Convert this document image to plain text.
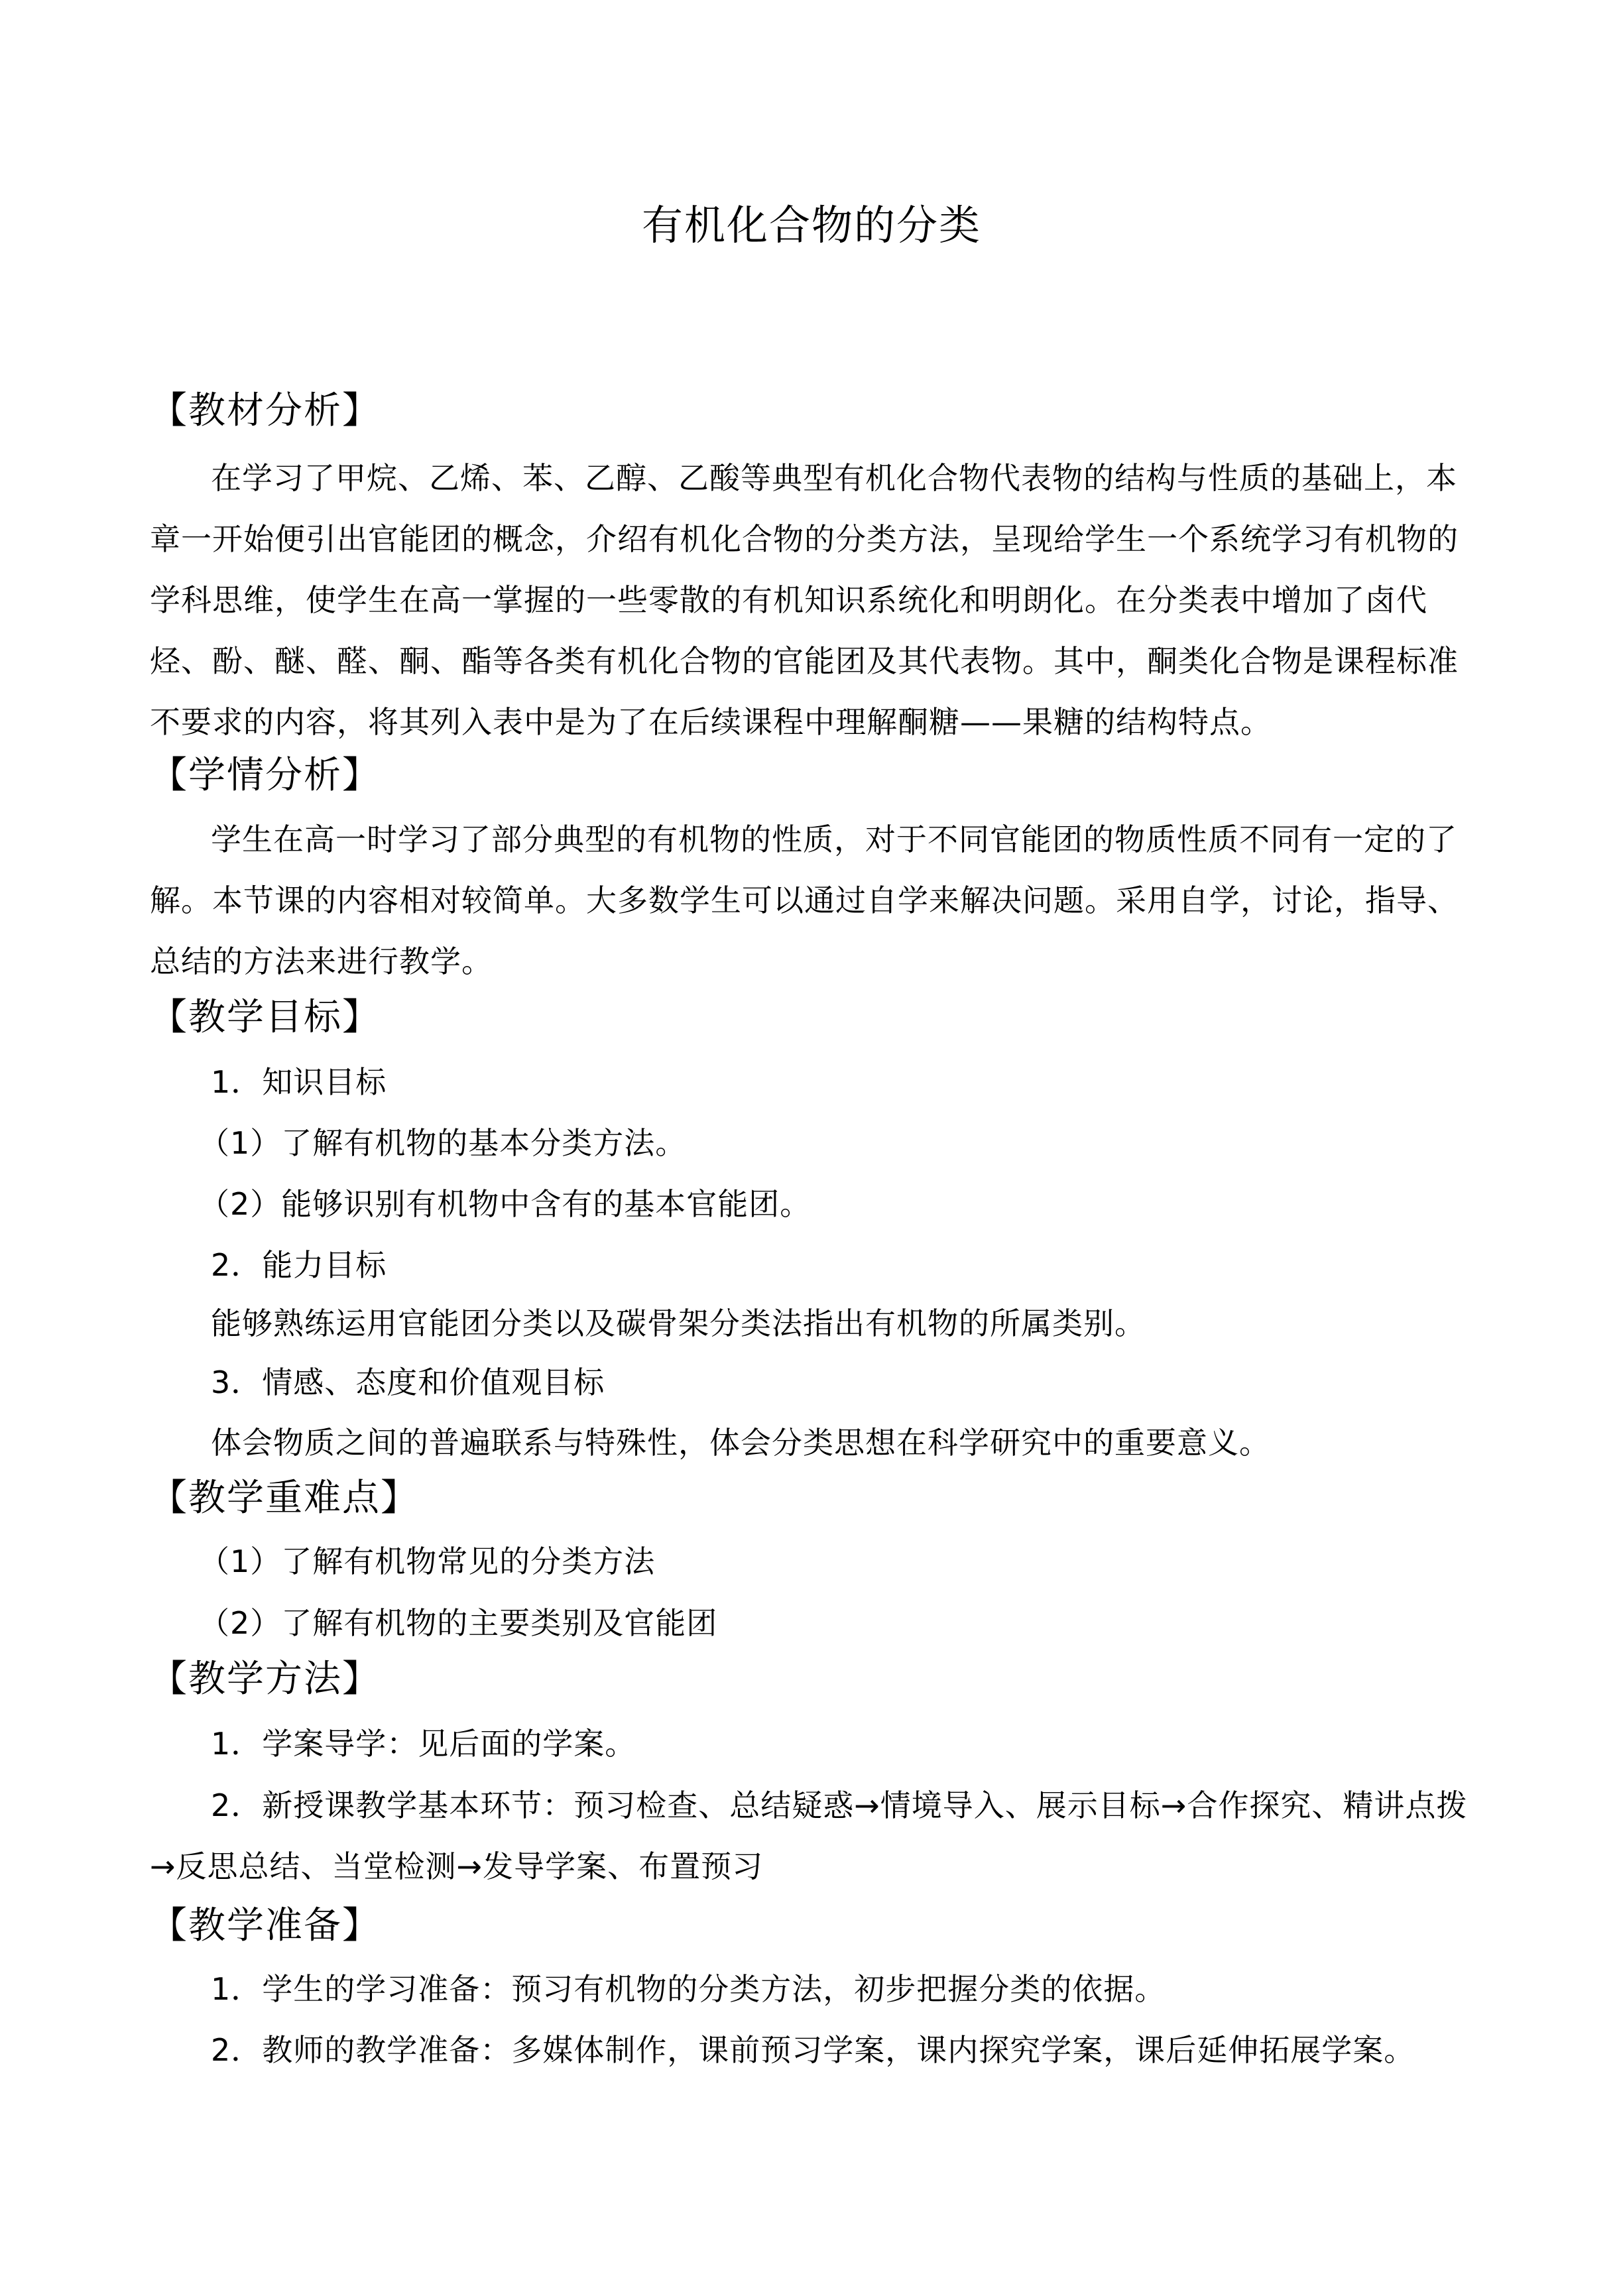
有机化合物的分类
【教材分析】

在学习了甲烷、乙烯、苯、乙醇、乙酸等典型有机化合物代表物的结构与性质的基础上，本章一开始便引出官能团的概念，介绍有机化合物的分类方法，呈现给学生一个系统学习有机物的学科思维，使学生在高一掌握的一些零散的有机知识系统化和明朗化。在分类表中增加了卤代烃、酚、醚、醛、酮、酯等各类有机化合物的官能团及其代表物。其中，酮类化合物是课程标准不要求的内容，将其列入表中是为了在后续课程中理解酮糖——果糖的结构特点。

【学情分析】

学生在高一时学习了部分典型的有机物的性质，对于不同官能团的物质性质不同有一定的了解。本节课的内容相对较简单。大多数学生可以通过自学来解决问题。采用自学，讨论，指导、总结的方法来进行教学。

【教学目标】
1．知识目标
（1）了解有机物的基本分类方法。
（2）能够识别有机物中含有的基本官能团。
2．能力目标
能够熟练运用官能团分类以及碳骨架分类法指出有机物的所属类别。
3．情感、态度和价值观目标
体会物质之间的普遍联系与特殊性，体会分类思想在科学研究中的重要意义。
【教学重难点】
（1）了解有机物常见的分类方法
（2）了解有机物的主要类别及官能团
【教学方法】
1．学案导学：见后面的学案。

2．新授课教学基本环节：预习检查、总结疑惑→情境导入、展示目标→合作探究、精讲点拨→反思总结、当堂检测→发导学案、布置预习

【教学准备】
1．学生的学习准备：预习有机物的分类方法，初步把握分类的依据。
2．教师的教学准备：多媒体制作，课前预习学案，课内探究学案，课后延伸拓展学案。
